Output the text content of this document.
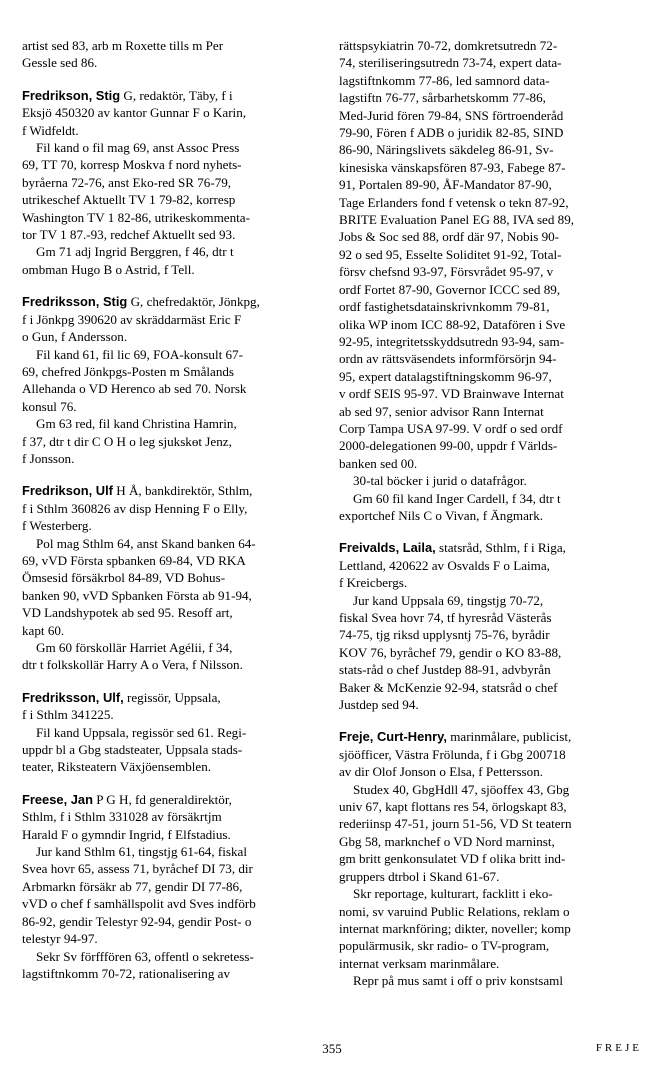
artist sed 83, arb m Roxette tills m Per
Gessle sed 86.

Fredrikson, Stig G, redaktör, Täby, f i
Eksjö 450320 av kantor Gunnar F o Karin,
f Widfeldt.

Fil kand o fil mag 69, anst Assoc Press
69, TT 70, korresp Moskva f nord nyhets-
byråerna 72-76, anst Eko-red SR 76-79,
utrikeschef Aktuellt TV 1 79-82, korresp
Washington TV 1 82-86, utrikeskommenta-
tor TV 1 87.-93, redchef Aktuellt sed 93.

Gm 71 adj Ingrid Berggren, f 46, dtr t
ombman Hugo B o Astrid, f Tell.

Fredriksson, Stig G, chefredaktör, Jönkpg,
f i Jönkpg 390620 av skräddarmäst Eric F
o Gun, f Andersson.

Fil kand 61, fil lic 69, FOA-konsult 67-
69, chefred Jönkpgs-Posten m Smålands
Allehanda o VD Herenco ab sed 70. Norsk
konsul 76.

Gm 63 red, fil kand Christina Hamrin,
f 37, dtr t dir C O H o leg sjukskөt Jenz,
f Jonsson.

Fredrikson, Ulf H Å, bankdirektör, Sthlm,
f i Sthlm 360826 av disp Henning F o Elly,
f Westerberg.

Pol mag Sthlm 64, anst Skand banken 64-
69, vVD Första spbanken 69-84, VD RKA
Ömsesid försäkrbol 84-89, VD Bohus-
banken 90, vVD Spbanken Första ab 91-94,
VD Landshypotek ab sed 95. Resoff art,
kapt 60.

Gm 60 förskollär Harriet Agélii, f 34,
dtr t folkskollär Harry A o Vera, f Nilsson.

Fredriksson, Ulf, regissör, Uppsala,
f i Sthlm 341225.

Fil kand Uppsala, regissör sed 61. Regi-
uppdr bl a Gbg stadsteater, Uppsala stads-
teater, Riksteatern Växjöensemblen.

Freese, Jan P G H, fd generaldirektör,
Sthlm, f i Sthlm 331028 av försäkrtjm
Harald F o gymndir Ingrid, f Elfstadius.

Jur kand Sthlm 61, tingstjg 61-64, fiskal
Svea hovr 65, assess 71, byråchef DI 73, dir
Arbmarkn försäkr ab 77, gendir DI 77-86,
vVD o chef f samhällspolit avd Sves indförb
86-92, gendir Telestyr 92-94, gendir Post- o
telestyr 94-97.

Sekr Sv förfffören 63, offentl o sekretess-
lagstiftnkomm 70-72, rationalisering av

rättspsykiatrin 70-72, domkretsutredn 72-
74, steriliseringsutredn 73-74, expert data-
lagstiftnkomm 77-86, led samnord data-
lagstiftn 76-77, sårbarhetskomm 77-86,
Med-Jurid fören 79-84, SNS förtroenderåd
79-90, Fören f ADB o juridik 82-85, SIND
86-90, Näringslivets säkdeleg 86-91, Sv-
kinesiska vänskapsfören 87-93, Fabege 87-
91, Portalen 89-90, ÅF-Mandator 87-90,
Tage Erlanders fond f vetensk o tekn 87-92,
BRITE Evaluation Panel EG 88, IVA sed 89,
Jobs & Soc sed 88, ordf där 97, Nobis 90-
92 o sed 95, Esselte Soliditet 91-92, Total-
försv chefsnd 93-97, Försvrådet 95-97, v
ordf Fortet 87-90, Governor ICCC sed 89,
ordf fastighetsdatainskrivnkomm 79-81,
olika WP inom ICC 88-92, Datafören i Sve
92-95, integritetsskyddsutredn 93-94, sam-
ordn av rättsväsendets informförsörjn 94-
95, expert datalagstiftningskomm 96-97,
v ordf SEIS 95-97. VD Brainwave Internat
ab sed 97, senior advisor Rann Internat
Corp Tampa USA 97-99. V ordf o sed ordf
2000-delegationen 99-00, uppdr f Världs-
banken sed 00.

30-tal böcker i jurid o datafrågor.

Gm 60 fil kand Inger Cardell, f 34, dtr t
exportchef Nils C o Vivan, f Ängmark.

Freivalds, Laila, statsråd, Sthlm, f i Riga,
Lettland, 420622 av Osvalds F o Laima,
f Kreicbergs.

Jur kand Uppsala 69, tingstjg 70-72,
fiskal Svea hovr 74, tf hyresråd Västerås
74-75, tjg riksd upplysntj 75-76, byrådir
KOV 76, byråchef 79, gendir o KO 83-88,
stats-råd o chef Justdep 88-91, advbyrån
Baker & McKenzie 92-94, statsråd o chef
Justdep sed 94.

Freje, Curt-Henry, marinmålare, publicist,
sjööfficer, Västra Frölunda, f i Gbg 200718
av dir Olof Jonson o Elsa, f Pettersson.

Studex 40, GbgHdll 47, sjöoffex 43, Gbg
univ 67, kapt flottans res 54, örlogskapt 83,
rederiinsp 47-51, journ 51-56, VD St teatern
Gbg 58, marknchef o VD Nord marninst,
gm britt genkonsulatet VD f olika britt ind-
gruppers dtrbol i Skand 61-67.

Skr reportage, kulturart, facklitt i eko-
nomi, sv varuind Public Relations, reklam o
internat marknföring; dikter, noveller; komp
populärmusik, skr radio- o TV-program,
internat verksam marinmålare.

Repr på mus samt i off o priv konstsaml

355	FREJE
